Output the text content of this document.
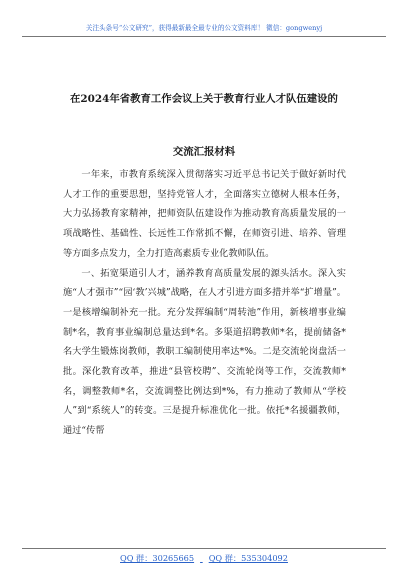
关注头条号“公文研究”，获得最新最全最专业的公文资料库！ 微信：gongwenyj
在2024年省教育工作会议上关于教育行业人才队伍建设的
交流汇报材料

一年来，市教育系统深入贯彻落实习近平总书记关于做好新时代人才工作的重要思想，坚持党管人才，全面落实立德树人根本任务，大力弘扬教育家精神，把师资队伍建设作为推动教育高质量发展的一项战略性、基础性、长远性工作常抓不懈，在师资引进、培养、管理等方面多点发力，全力打造高素质专业化教师队伍。

一、拓宽渠道引人才，涵养教育高质量发展的源头活水。深入实施“人才强市”“园‘教’兴城”战略，在人才引进方面多措并举“扩增量”。一是核增编制补充一批。充分发挥编制“周转池”作用，新核增事业编制*名，教育事业编制总量达到*名。多渠道招聘教师*名，提前储备*名大学生锻炼岗教师，教职工编制使用率达*%。二是交流轮岗盘活一批。深化教育改革，推进“县管校聘”、交流轮岗等工作，交流教师*名，调整教师*名，交流调整比例达到*%，有力推动了教师从“学校人”到“系统人”的转变。三是提升标准优化一批。依托*名援疆教师，通过“传帮

QQ 群：30265665 QQ 群：535304092
